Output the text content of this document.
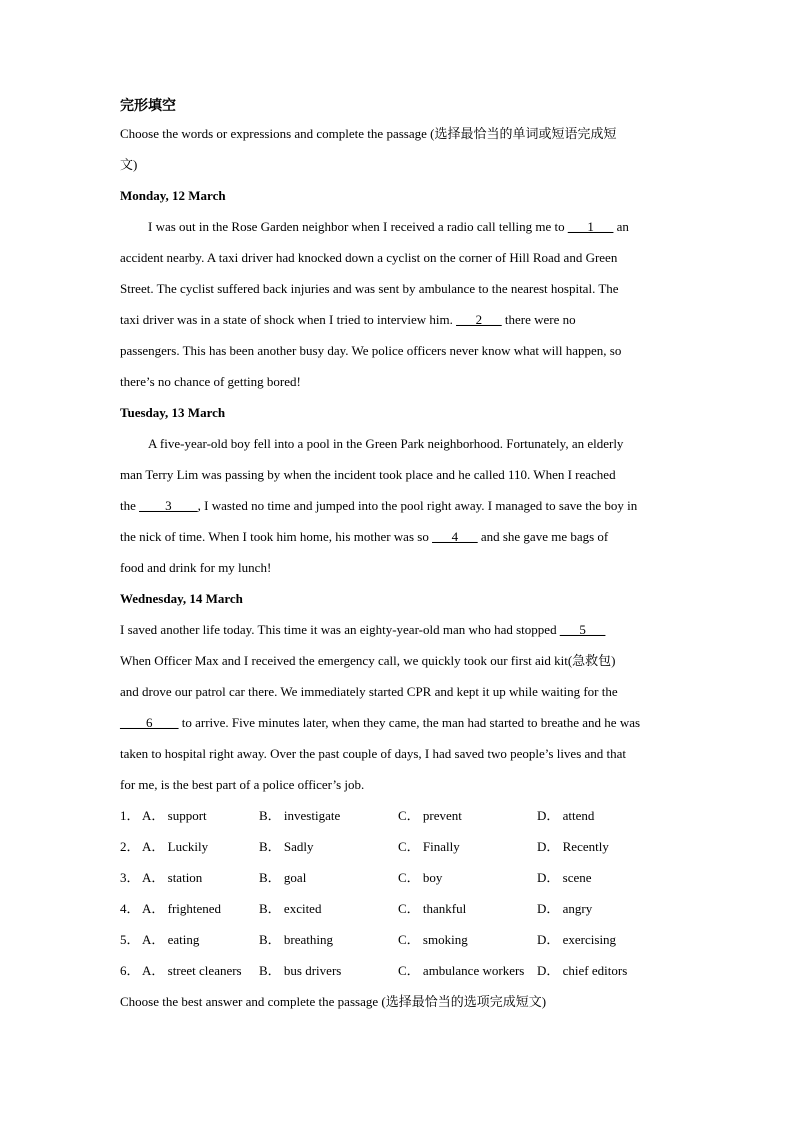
完形填空
Choose the words or expressions and complete the passage (选择最恰当的单词或短语完成短
文)
Monday, 12 March
I was out in the Rose Garden neighbor when I received a radio call telling me to ___1___ an
accident nearby. A taxi driver had knocked down a cyclist on the corner of Hill Road and Green
Street. The cyclist suffered back injuries and was sent by ambulance to the nearest hospital. The
taxi driver was in a state of shock when I tried to interview him. ___2___ there were no
passengers. This has been another busy day. We police officers never know what will happen, so
there’s no chance of getting bored!
Tuesday, 13 March
A five-year-old boy fell into a pool in the Green Park neighborhood. Fortunately, an elderly
man Terry Lim was passing by when the incident took place and he called 110. When I reached
the ____3____, I wasted no time and jumped into the pool right away. I managed to save the boy in
the nick of time. When I took him home, his mother was so ___4___ and she gave me bags of
food and drink for my lunch!
Wednesday, 14 March
I saved another life today. This time it was an eighty-year-old man who had stopped ___5___
When Officer Max and I received the emergency call, we quickly took our first aid kit(急救包)
and drove our patrol car there. We immediately started CPR and kept it up while waiting for the
____6____ to arrive. Five minutes later, when they came, the man had started to breathe and he was
taken to hospital right away. Over the past couple of days, I had saved two people’s lives and that
for me, is the best part of a police officer’s job.
1． A． support	B． investigate	C． prevent	D． attend
2． A． Luckily	B． Sadly	C． Finally	D． Recently
3． A． station	B． goal	C． boy	D． scene
4． A． frightened	B． excited	C． thankful	D． angry
5． A． eating	B． breathing	C． smoking	D． exercising
6． A． street cleaners	B． bus drivers	C． ambulance workers D． chief editors
Choose the best answer and complete the passage (选择最恰当的选项完成短文)
